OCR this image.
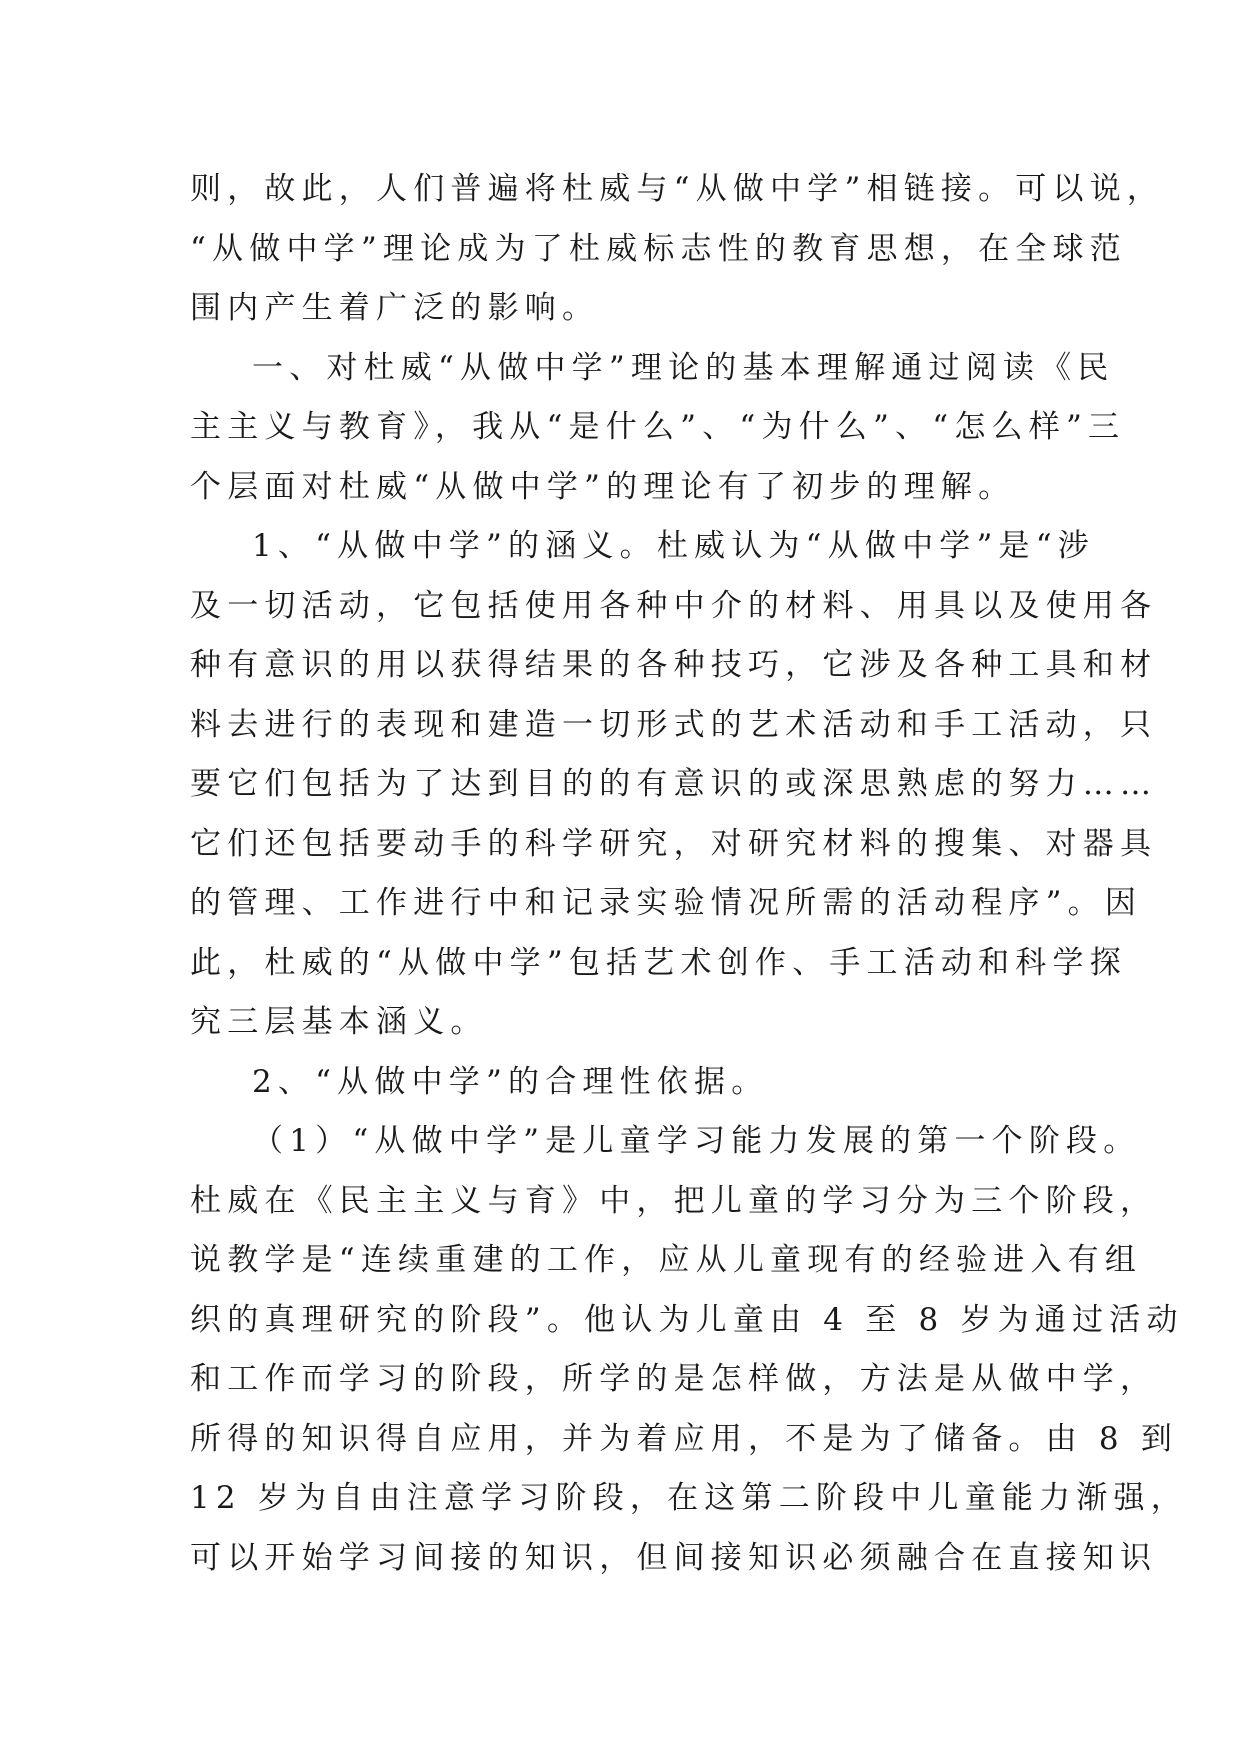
则，故此，人们普遍将杜威与“从做中学”相链接。可以说，
“从做中学”理论成为了杜威标志性的教育思想，在全球范
围内产生着广泛的影响。
一、对杜威“从做中学”理论的基本理解通过阅读《民
主主义与教育》，我从“是什么”、“为什么”、“怎么样”三
个层面对杜威“从做中学”的理论有了初步的理解。
1、“从做中学”的涵义。杜威认为“从做中学”是“涉
及一切活动，它包括使用各种中介的材料、用具以及使用各
种有意识的用以获得结果的各种技巧，它涉及各种工具和材
料去进行的表现和建造一切形式的艺术活动和手工活动，只
要它们包括为了达到目的的有意识的或深思熟虑的努力……
它们还包括要动手的科学研究，对研究材料的搜集、对器具
的管理、工作进行中和记录实验情况所需的活动程序”。因
此，杜威的“从做中学”包括艺术创作、手工活动和科学探
究三层基本涵义。
2、“从做中学”的合理性依据。
（1）“从做中学”是儿童学习能力发展的第一个阶段。
杜威在《民主主义与育》中，把儿童的学习分为三个阶段，
说教学是“连续重建的工作，应从儿童现有的经验进入有组
织的真理研究的阶段”。他认为儿童由 4 至 8 岁为通过活动
和工作而学习的阶段，所学的是怎样做，方法是从做中学，
所得的知识得自应用，并为着应用，不是为了储备。由 8 到
12 岁为自由注意学习阶段，在这第二阶段中儿童能力渐强，
可以开始学习间接的知识，但间接知识必须融合在直接知识
